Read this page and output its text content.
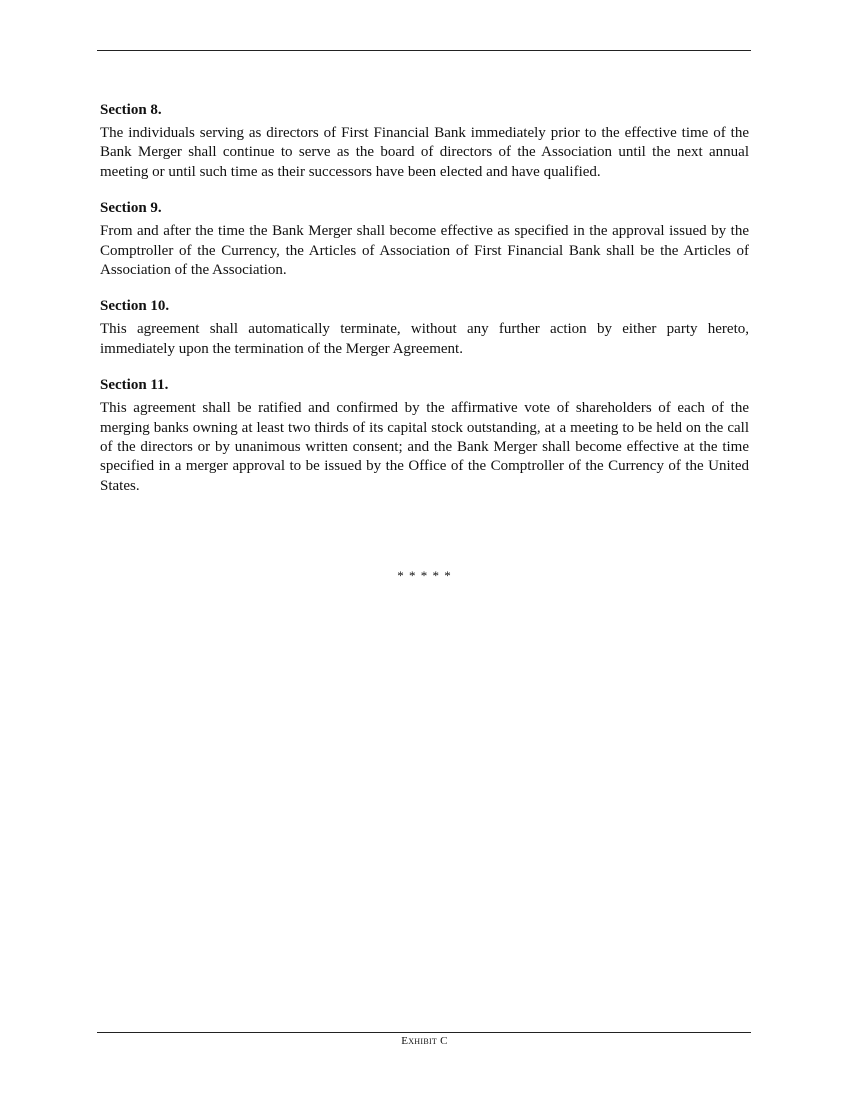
Section 8.

The individuals serving as directors of First Financial Bank immediately prior to the effective time of the Bank Merger shall continue to serve as the board of directors of the Association until the next annual meeting or until such time as their successors have been elected and have qualified.

Section 9.

From and after the time the Bank Merger shall become effective as specified in the approval issued by the Comptroller of the Currency, the Articles of Association of First Financial Bank shall be the Articles of Association of the Association.

Section 10.

This agreement shall automatically terminate, without any further action by either party hereto, immediately upon the termination of the Merger Agreement.

Section 11.

This agreement shall be ratified and confirmed by the affirmative vote of shareholders of each of the merging banks owning at least two thirds of its capital stock outstanding, at a meeting to be held on the call of the directors or by unanimous written consent; and the Bank Merger shall become effective at the time specified in a merger approval to be issued by the Office of the Comptroller of the Currency of the United States.

* * * * *
Exhibit C
